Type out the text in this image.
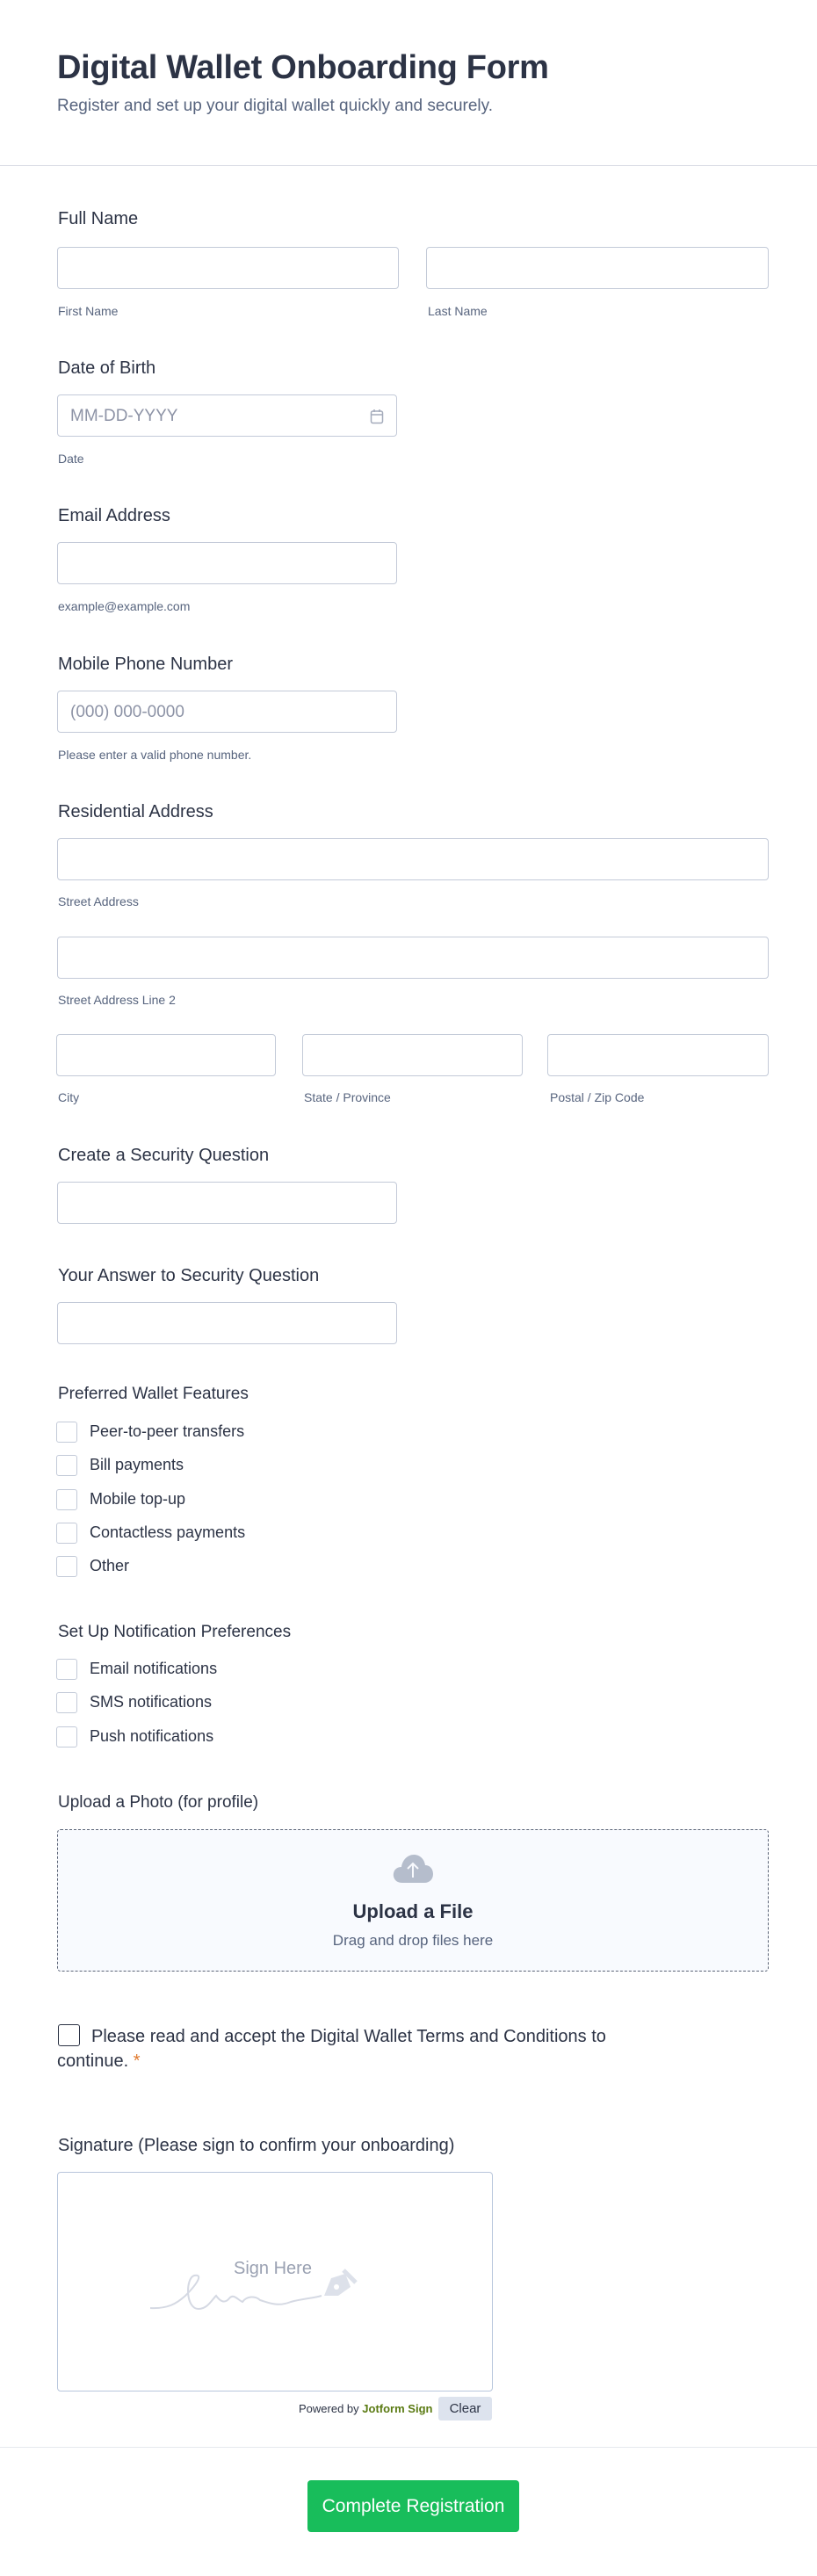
Digital Wallet Onboarding Form
Register and set up your digital wallet quickly and securely.
Full Name
First Name	Last Name
Date of Birth
MM-DD-YYYY
Date
Email Address
example@example.com
Mobile Phone Number
(000) 000-0000
Please enter a valid phone number.
Residential Address
Street Address
Street Address Line 2
City	State / Province	Postal / Zip Code
Create a Security Question
Your Answer to Security Question
Preferred Wallet Features
Peer-to-peer transfers
Bill payments
Mobile top-up
Contactless payments
Other
Set Up Notification Preferences
Email notifications
SMS notifications
Push notifications
Upload a Photo (for profile)
Upload a File
Drag and drop files here
Please read and accept the Digital Wallet Terms and Conditions to continue. *
Signature (Please sign to confirm your onboarding)
Sign Here
Powered by Jotform Sign	Clear
Complete Registration
